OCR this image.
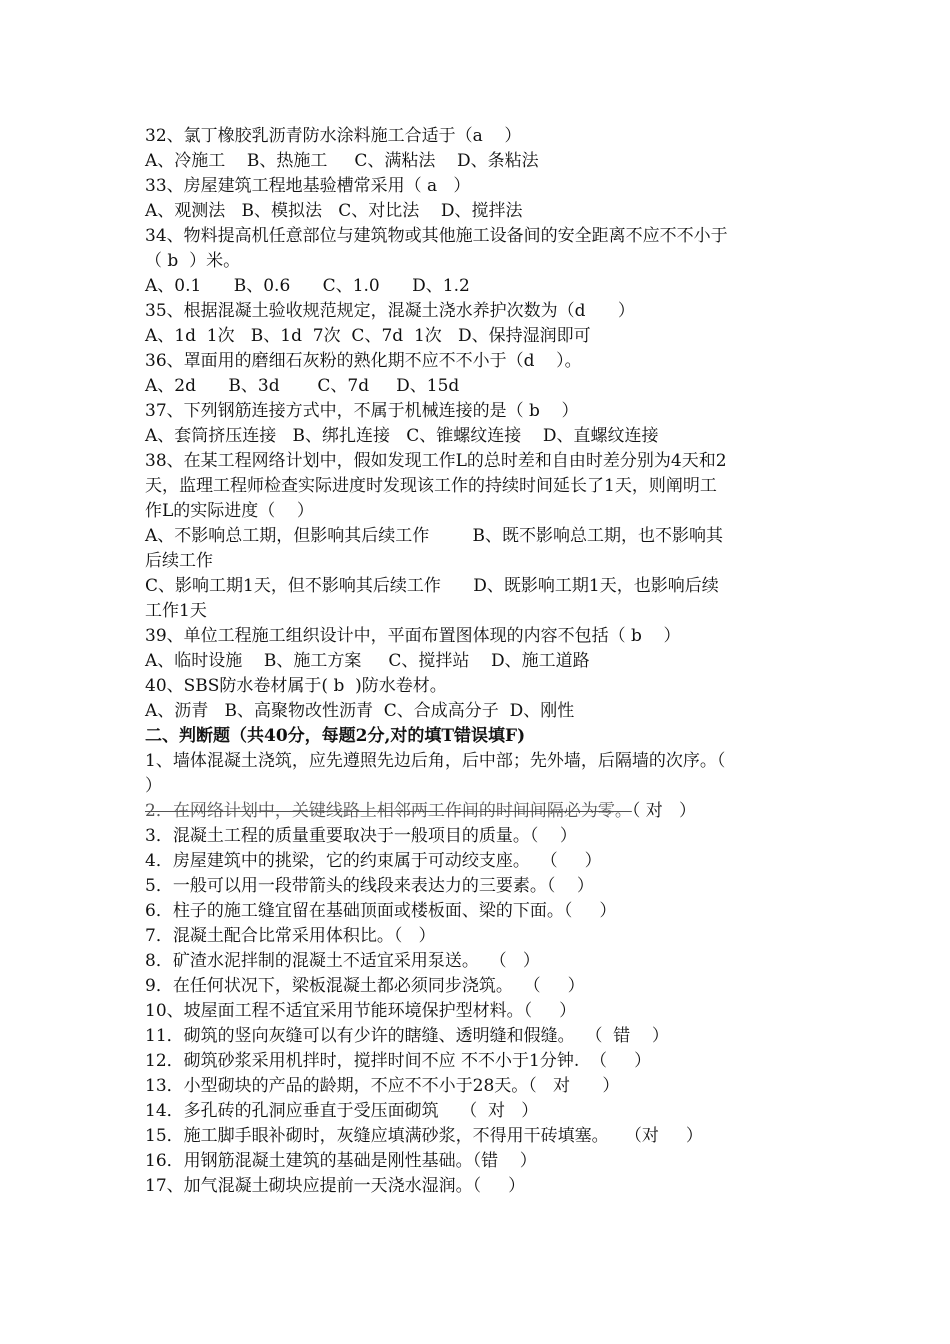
32、氯丁橡胶乳沥青防水涂料施工合适于（a    ）
A、冷施工    B、热施工     C、满粘法    D、条粘法
33、房屋建筑工程地基验槽常采用（ a   ）
A、观测法   B、模拟法   C、对比法    D、搅拌法
34、物料提高机任意部位与建筑物或其他施工设备间的安全距离不应不不小于
（ b  ）米。
A、0.1      B、0.6      C、1.0      D、1.2
35、根据混凝土验收规范规定，混凝土浇水养护次数为（d      ）
A、1d  1次   B、1d  7次  C、7d  1次   D、保持湿润即可
36、罩面用的磨细石灰粉的熟化期不应不不小于（d    ）。
A、2d      B、3d       C、7d     D、15d
37、下列钢筋连接方式中，不属于机械连接的是（ b    ）
A、套筒挤压连接   B、绑扎连接   C、锥螺纹连接    D、直螺纹连接
38、在某工程网络计划中，假如发现工作L的总时差和自由时差分别为4天和2
天，监理工程师检查实际进度时发现该工作的持续时间延长了1天，则阐明工
作L的实际进度（    ）
A、不影响总工期，但影响其后续工作        B、既不影响总工期，也不影响其
后续工作
C、影响工期1天，但不影响其后续工作      D、既影响工期1天，也影响后续
工作1天
39、单位工程施工组织设计中，平面布置图体现的内容不包括（ b    ）
A、临时设施    B、施工方案     C、搅拌站    D、施工道路
40、SBS防水卷材属于( b  )防水卷材。
A、沥青   B、高聚物改性沥青  C、合成高分子  D、刚性
二、判断题（共40分，每题2分,对的填T错误填F)
1、墙体混凝土浇筑，应先遵照先边后角，后中部；先外墙，后隔墙的次序。（
）
2．在网络计划中，关键线路上相邻两工作间的时间间隔必为零。（ 对   ）
3．混凝土工程的质量重要取决于一般项目的质量。（    ）
4．房屋建筑中的挑梁，它的约束属于可动绞支座。  （     ）
5．一般可以用一段带箭头的线段来表达力的三要素。（    ）
6．柱子的施工缝宜留在基础顶面或楼板面、梁的下面。（     ）
7．混凝土配合比常采用体积比。（   ）
8．矿渣水泥拌制的混凝土不适宜采用泵送。  （   ）
9．在任何状况下，梁板混凝土都必须同步浇筑。  （     ）
10、坡屋面工程不适宜采用节能环境保护型材料。（     ）
11．砌筑的竖向灰缝可以有少许的瞎缝、透明缝和假缝。  （  错    ）
12．砌筑砂浆采用机拌时，搅拌时间不应 不不小于1分钟.  （     ）
13．小型砌块的产品的龄期，不应不不小于28天。（   对      ）
14．多孔砖的孔洞应垂直于受压面砌筑    （  对   ）
15．施工脚手眼补砌时，灰缝应填满砂浆，不得用干砖填塞。   （对     ）
16．用钢筋混凝土建筑的基础是刚性基础。（错    ）
17、加气混凝土砌块应提前一天浇水湿润。（     ）
